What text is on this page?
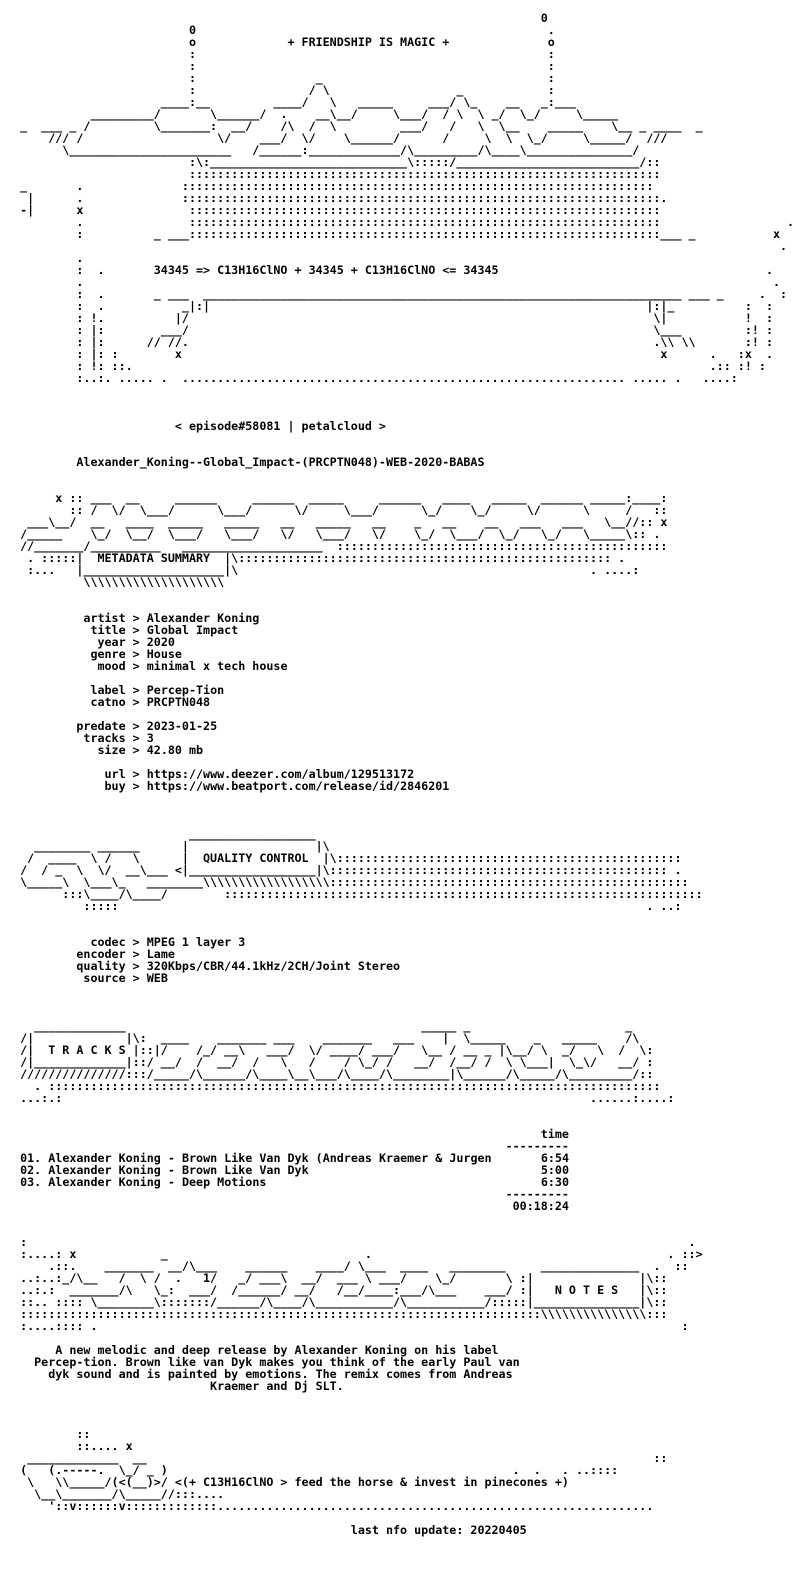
0
0                                                  .
o             + FRIENDSHIP IS MAGIC +              o
:                                                  :
:                                                  :
:                 _                                :
:                / \                  _            :
____:__         ____/   \   _____     ___/ \_    __   _:___
_________/       \______/  .    __\__/     \___/  / \  \ _/  \_/     \_____
_  ___ _ /         \_______:  __/    /\  /  \         ___/   /   \  \__    _____    \__ _ ____  _
/// /                   \/    ___/  \/    \______/      /     \  \  \_/     \_____/  ///
\_______________________   /______:_____________/\_________/\____\_______________/
:\:____________________________\:::::/__________________________/::
:::::::::::::::::::::::::::::::::::::::::::::::::::::::::::::::::::
_       .              :::::::::::::::::::::::::::::::::::::::::::::::::::::::::::::::::::
|      .              ::::::::::::::::::::::::::::::::::::::::::::::::::::::::::::::::::::.
-|      x               :::::::::::::::::::::::::::::::::::::::::::::::::::::::::::::::::::
.               :::::::::::::::::::::::::::::::::::::::::::::::::::::::::::::::::::                  .
:          _ ___:::::::::::::::::::::::::::::::::::::::::::::::::::::::::::::::::::___ _           x
.
.
:  .       34345 => C13H16ClNO + 34345 + C13H16ClNO <= 34345                                      .
.                                                                                                  .
:  .       _ ___  ____________________________________________________________________ ___ _     .  :
:  .           _|:|                                                              |:|_          :  :
: !.          |/                                                                  \|           !  :
: |:        ___/                                                                  \___         :! :
: |:      // //.                                                                  .\\ \\       :! :
: |: :        x                                                                    x      .   :x  .
: !: ::.                                                                                  .:: :! :
:..:. ..... .  ............................................................... ..... .   ....:

< episode#58081 | petalcloud >

Alexander_Koning--Global_Impact-(PRCPTN048)-WEB-2020-BABAS

x :: ___  __     ______     ______  _____     ______   ____   _____  ______ _____:____:
:: /  \/  \___/      \___/      \/     \___/      \_/    \_/     \/      \     /   ::
___\__/  __   ____  _____   _____   __   _____   __    _   __    __   ___   ___   \__//:: x
/_____    \_/  \__/  \___/   \___/   \/   \___/   \/    \_/  \___/  \_/   \_/   \_____\:: .
//_______/__________   ____________________  :::::::::::::::::::::::::::::::::::::::::::::::
. :::::|  METADATA SUMMARY  |\::::::::::::::::::::::::::::::::::::::::::::::::::::: .
:...   |____________________|\                                                  . ....:
\\\\\\\\\\\\\\\\\\\\

artist > Alexander Koning
title > Global Impact
year > 2020
genre > House
mood > minimal x tech house

label > Percep-Tion
catno > PRCPTN048

predate > 2023-01-25
tracks > 3
size > 42.80 mb

url > https://www.deezer.com/album/129513172
buy > https://www.beatport.com/release/id/2846201

__________________
________ ______      |                  |\
/  ____  \ /   \      |  QUALITY CONTROL  |\:::::::::::::::::::::::::::::::::::::::::::::::::
/  / _  \  \/  __\___ <|__________________|\:::::::::::::::::::::::::::::::::::::::::::::::: .
\_____\  \___\_   ________\\\\\\\\\\\\\\\\\\:::::::::::::::::::::::::::::::::::::::::::::::::::
:::\____/\____/        ::::::::::::::::::::::::::::::::::::::::::::::::::::::::::::::::::::
:::::                                                                           . ..:

codec > MPEG 1 layer 3
encoder > Lame
quality > 320Kbps/CBR/44.1kHz/2CH/Joint Stereo
source > WEB

_____________                                          _____ _                      _
/|             |\:  ____    _______ ___    _______   ___    |  \_____    _   _____    /\
/|  T R A C K S |::|/    /_/ __\   ___/  \/ ____/ ___/   \__ / __ _ |\__/ \  _/   \  /  \:
/|_____________|::/ __/  /  __/  /   \   /    / \_/ /   __/  /__/ /  \ \___|  \_\/   __/ :
///////////////:::/_____/\______/\____\__\___/\____/\________|\______/\_____/\_________/::
. :::::::::::::::::::::::::::::::::::::::::::::::::::::::::::::::::::::::::::::::::::::::
...:.:                                                                           ......:....:

time
---------
01. Alexander Koning - Brown Like Van Dyk (Andreas Kraemer & Jurgen	6:54
02. Alexander Koning - Brown Like Van Dyk	5:00
03. Alexander Koning - Deep Motions	6:30
---------
00:18:24

:                                                                                              .
:....: x            _                            .                                          . ::>
.::.    _______  __/\___    ______    ____/ \___  ____   ________     ______________  .  ::
..:..:_/\__   /  \ /  .   1/   _/ ___\  __/  ___ \ ___/    \_/       \ :|               |\::
..:.:  _______/\   \_:  ___/  /______/ __/   /__/____:___/\___    ___/ :|   N O T E S   |\::
::.. :::: \________\:::::::/______/\____/\___________/\___________/:::::|_______________|\::
::::::::::::::::::::::::::::::::::::::::::::::::::::::::::::::::::::::::::\\\\\\\\\\\\\\\:::
:....:::: .                                                                                   :

A new melodic and deep release by Alexander Koning on his label
Percep-tion. Brown like van Dyk makes you think of the early Paul van
dyk sound and is painted by emotions. The remix comes from Andreas
Kraemer and Dj SLT.

::
::.... x
_____________  __                                                                        ::
(   (.-----.  \_/ _ )                                                 .  .   . ..::::
\   \\_____/(<(__)>/ <(+ C13H16ClNO > feed the horse & invest in pinecones +)
\__\_______/\_____//:::....
'::v::::::v:::::::::::::..............................................................

last nfo update: 20220405
